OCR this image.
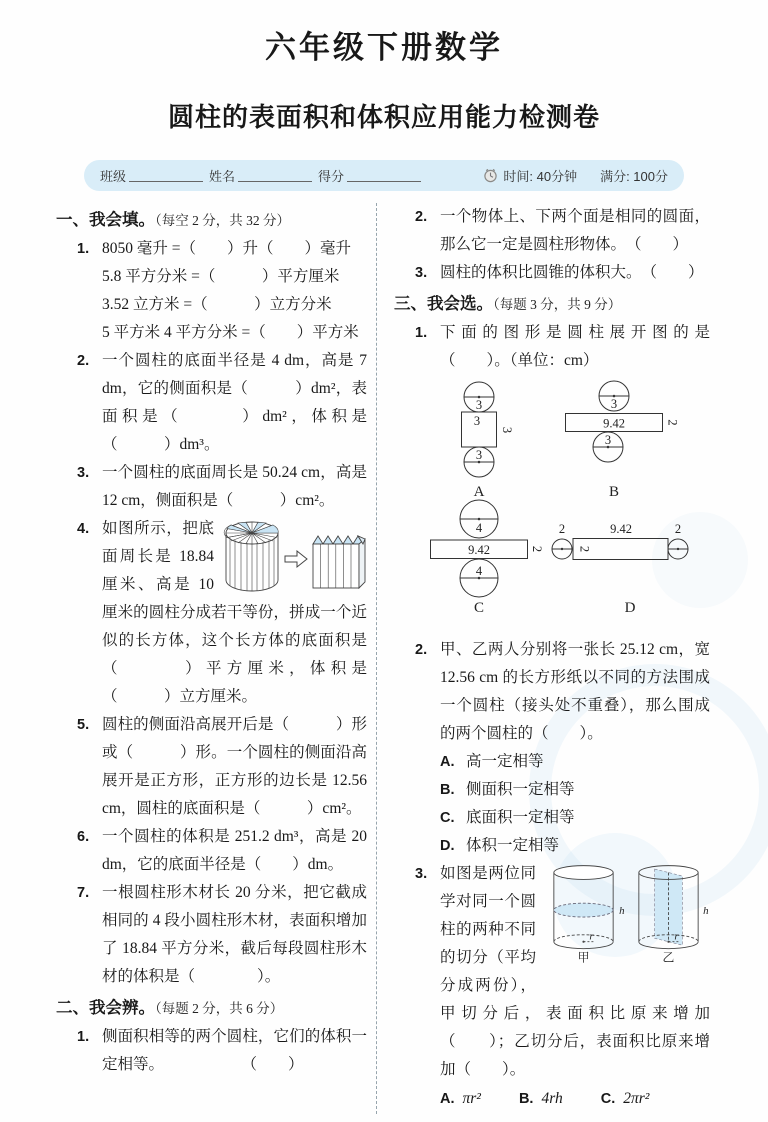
六年级下册数学
圆柱的表面积和体积应用能力检测卷
班级	姓名	得分	时间: 40分钟 满分: 100分
一、我会填。（每空 2 分，共 32 分）
1. 8050 毫升 =（　　）升（　　）毫升
5.8 平方分米 =（　　　）平方厘米
3.52 立方米 =（　　　）立方分米
5 平方米 4 平方分米 =（　　）平方米
2. 一个圆柱的底面半径是 4 dm，高是 7 dm，它的侧面积是（　　　）dm²，表面积是（　　　）dm²，体积是（　　　）dm³。
3. 一个圆柱的底面周长是 50.24 cm，高是 12 cm，侧面积是（　　　）cm²。
4. 如图所示，把底面周长是 18.84 厘米、高是 10 厘米的圆柱分成若干等份，拼成一个近似的长方体，这个长方体的底面积是（　　　）平方厘米，体积是（　　　）立方厘米。
5. 圆柱的侧面沿高展开后是（　　　）形或（　　　）形。一个圆柱的侧面沿高展开是正方形，正方形的边长是 12.56 cm，圆柱的底面积是（　　　）cm²。
6. 一个圆柱的体积是 251.2 dm³，高是 20 dm，它的底面半径是（　　）dm。
7. 一根圆柱形木材长 20 分米，把它截成相同的 4 段小圆柱形木材，表面积增加了 18.84 平方分米，截后每段圆柱形木材的体积是（　　　　）。
二、我会辨。（每题 2 分，共 6 分）
1. 侧面积相等的两个圆柱，它们的体积一定相等。　　　　　　（　　）
2. 一个物体上、下两个面是相同的圆面，那么它一定是圆柱形物体。　（　　）
3. 圆柱的体积比圆锥的体积大。　（　　）
三、我会选。（每题 3 分，共 9 分）
1. 下面的图形是圆柱展开图的是（　　）。（单位：cm）
3
3
3
3
A
3
9.42	2
3
B
4
9.42	2
4
C
2	9.42
2
2
D
2. 甲、乙两人分别将一张长 25.12 cm，宽 12.56 cm 的长方形纸以不同的方法围成一个圆柱（接头处不重叠），那么围成的两个圆柱的（　　）。
A. 高一定相等
B. 侧面积一定相等
C. 底面积一定相等
D. 体积一定相等
3.
h
r
甲
h
r
乙
如图是两位同学对同一个圆柱的两种不同的切分（平均分成两份），甲切分后，表面积比原来增加（　　）；乙切分后，表面积比原来增加（　　）。
A. πr²	B. 4rh	C. 2πr²
